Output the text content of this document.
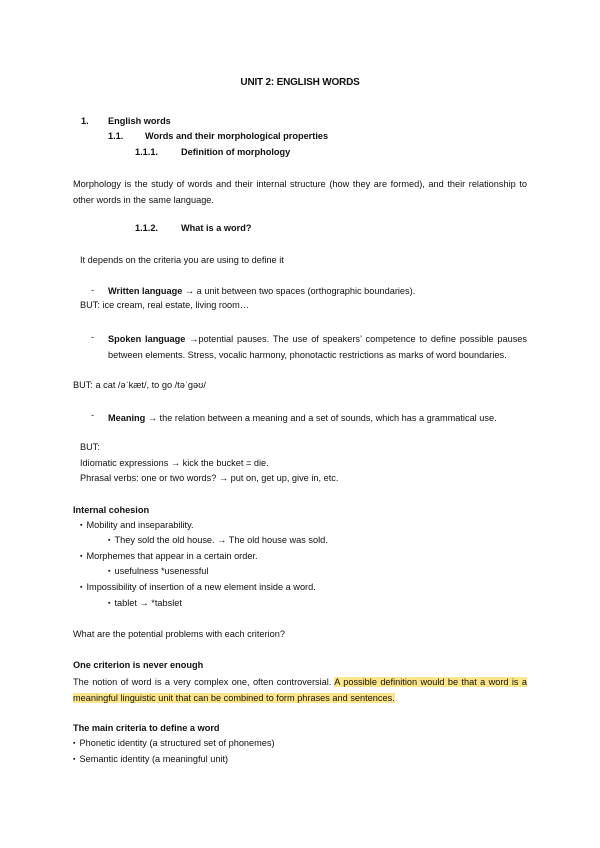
UNIT 2: ENGLISH WORDS
1. English words
1.1. Words and their morphological properties
1.1.1.	Definition of morphology
Morphology is the study of words and their internal structure (how they are formed), and their relationship to other words in the same language.
1.1.2.	What is a word?
It depends on the criteria you are using to define it
- Written language → a unit between two spaces (orthographic boundaries).
BUT: ice cream, real estate, living room…
- Spoken language →potential pauses. The use of speakers’ competence to define possible pauses between elements. Stress, vocalic harmony, phonotactic restrictions as marks of word boundaries.
BUT: a cat /əˈkæt/, to go /təˈgəʊ/
- Meaning → the relation between a meaning and a set of sounds, which has a grammatical use.
BUT:
Idiomatic expressions → kick the bucket = die.
Phrasal verbs: one or two words? → put on, get up, give in, etc.
Internal cohesion
▪ Mobility and inseparability.
▪ They sold the old house. → The old house was sold.
▪ Morphemes that appear in a certain order.
▪ usefulness *usenessful
▪ Impossibility of insertion of a new element inside a word.
▪ tablet → *tabslet
What are the potential problems with each criterion?
One criterion is never enough
The notion of word is a very complex one, often controversial. A possible definition would be that a word is a meaningful linguistic unit that can be combined to form phrases and sentences.
The main criteria to define a word
▪ Phonetic identity (a structured set of phonemes)
▪ Semantic identity (a meaningful unit)
